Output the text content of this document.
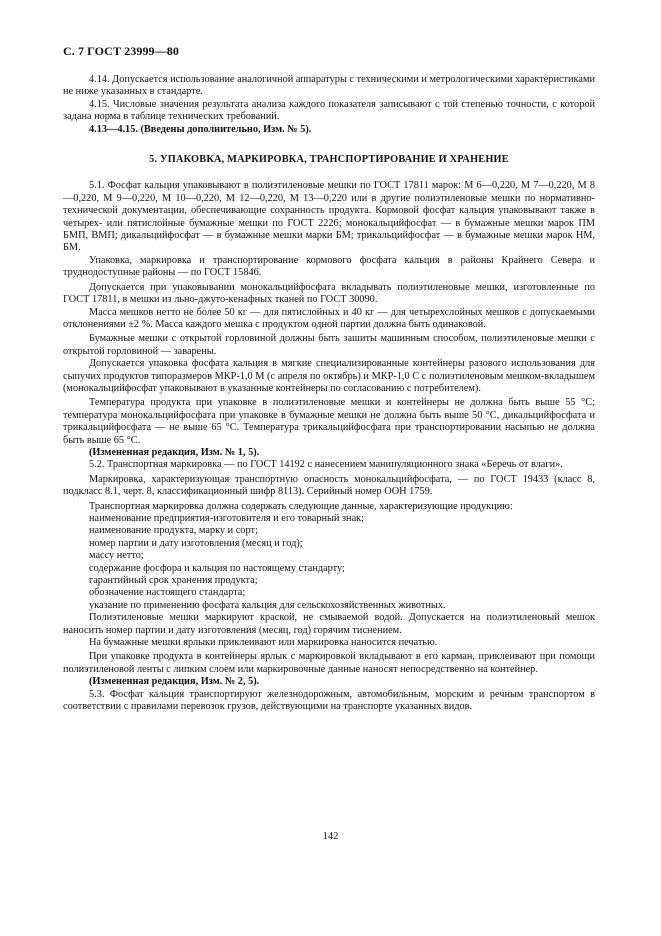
С. 7 ГОСТ 23999—80

4.14. Допускается использование аналогичной аппаратуры с техническими и метрологическими характеристиками не ниже указанных в стандарте.

4.15. Числовые значения результата анализа каждого показателя записывают с той степенью точности, с которой задана норма в таблице технических требований.

4.13—4.15. (Введены дополнительно, Изм. № 5).

5. УПАКОВКА, МАРКИРОВКА, ТРАНСПОРТИРОВАНИЕ И ХРАНЕНИЕ

5.1. Фосфат кальция упаковывают в полиэтиленовые мешки по ГОСТ 17811 марок: М 6—0,220, М 7—0,220, М 8—0,220, М 9—0,220, М 10—0,220, М 12—0,220, М 13—0,220 или в другие полиэтиленовые мешки по нормативно-технической документации, обеспечивающие сохранность продукта. Кормовой фосфат кальция упаковывают также в четырех- или пятислойные бумажные мешки по ГОСТ 2226; монокальцийфосфат — в бумажные мешки марок ПМ БМП, ВМП; дикальцийфосфат — в бумажные мешки марки БМ; трикальцийфосфат — в бумажные мешки марок НМ, БМ.

Упаковка, маркировка и транспортирование кормового фосфата кальция в районы Крайнего Севера и труднодоступные районы — по ГОСТ 15846.

Допускается при упаковывании монокальцийфосфата вкладывать полиэтиленовые мешки, изготовленные по ГОСТ 17811, в мешки из льно-джуто-кенафных тканей по ГОСТ 30090.

Масса мешков нетто не более 50 кг — для пятислойных и 40 кг — для четырехслойных мешков с допускаемыми отклонениями ±2 %. Масса каждого мешка с продуктом одной партии должна быть одинаковой.

Бумажные мешки с открытой горловиной должны быть зашиты машинным способом, полиэтиленовые мешки с открытой горловиной — заварены.

Допускается упаковка фосфата кальция в мягкие специализированные контейнеры разового использования для сыпучих продуктов типоразмеров МКР-1,0 М (с апреля по октябрь) и МКР-1,0 С с полиэтиленовым мешком-вкладышем (монокальцийфосфат упаковывают в указанные контейнеры по согласованию с потребителем).

Температура продукта при упаковке в полиэтиленовые мешки и контейнеры не должна быть выше 55 °С; температура монокальцийфосфата при упаковке в бумажные мешки не должна быть выше 50 °С, дикальцийфосфата и трикальцийфосфата — не выше 65 °С. Температура трикальцийфосфата при транспортировании насыпью не должна быть выше 65 °С.

(Измененная редакция, Изм. № 1, 5).

5.2. Транспортная маркировка — по ГОСТ 14192 с нанесением манипуляционного знака «Беречь от влаги».

Маркировка, характеризующая транспортную опасность монокальцийфосфата, — по ГОСТ 19433 (класс 8, подкласс 8.1, черт. 8, классификационный шифр 8113). Серийный номер ООН 1759.

Транспортная маркировка должна содержать следующие данные, характеризующие продукцию:

наименование предприятия-изготовителя и его товарный знак;

наименование продукта, марку и сорт;

номер партии и дату изготовления (месяц и год);

массу нетто;

содержание фосфора и кальция по настоящему стандарту;

гарантийный срок хранения продукта;

обозначение настоящего стандарта;

указание по применению фосфата кальция для сельскохозяйственных животных.

Полиэтиленовые мешки маркируют краской, не смываемой водой. Допускается на полиэтиленовый мешок наносить номер партии и дату изготовления (месяц, год) горячим тиснением.

На бумажные мешки ярлыки приклеивают или маркировка наносится печатью.

При упаковке продукта в контейнеры ярлык с маркировкой вкладывают в его карман, приклеивают при помощи полиэтиленовой ленты с липким слоем или маркировочные данные наносят непосредственно на контейнер.

(Измененная редакция, Изм. № 2, 5).

5.3. Фосфат кальция транспортируют железнодорожным, автомобильным, морским и речным транспортом в соответствии с правилами перевозок грузов, действующими на транспорте указанных видов.

142
